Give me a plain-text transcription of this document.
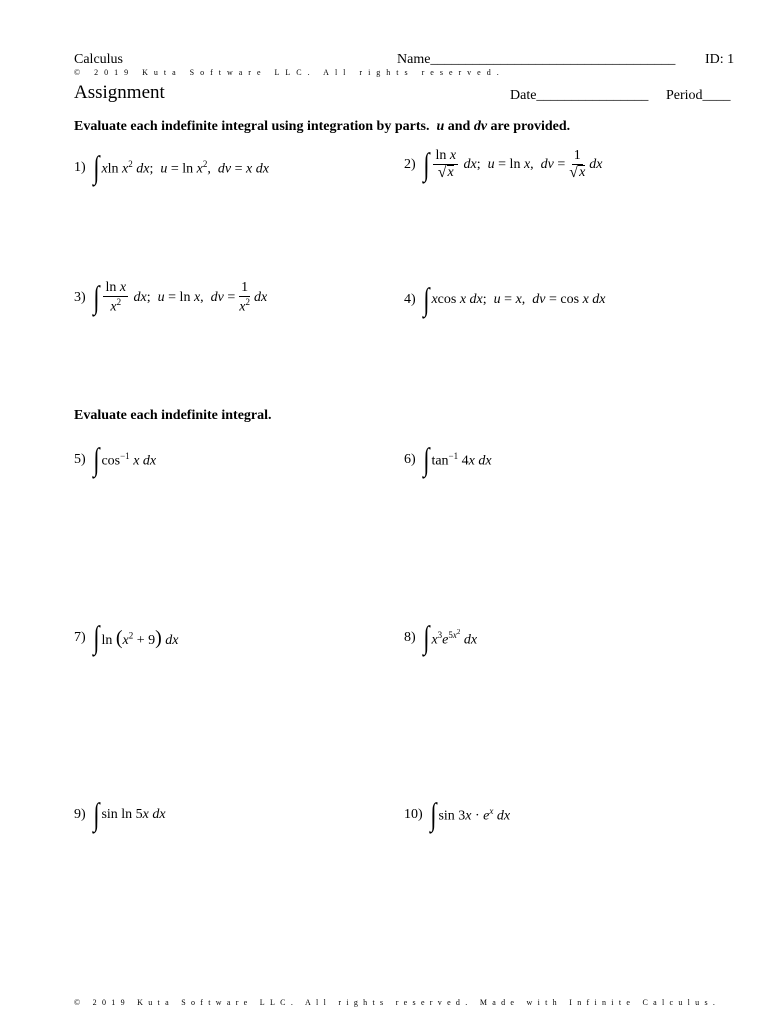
Calculus	Name___________________________________ ID: 1
© 2019 Kuta Software LLC. All rights reserved.
Assignment	Date________________ Period____
Evaluate each indefinite integral using integration by parts.  u and dv are provided.
1) ∫ xln $x^2$ dx;  $u = \ln x^2$,  dv = x dx	2) ∫ $\frac{\text{ln x}}{√ x}$ dx;  u = ln x,  dv = $\frac{1}{√ x}$ dx
3) ∫ $\frac{\text{ln x}}{x^2}$ dx;  u = ln x,  dv = $\frac{1}{x^2}$ dx	4) ∫ xcos x dx;  u = x,  dv = cos x dx
Evaluate each indefinite integral.
5) ∫ $\cos^{-1} x$ dx	6) ∫ $\tan^{-1} 4x$ dx
7) ∫ $\ln (x^2 + 9)$ dx	8) ∫ $x^3e^{5x^2}$ dx
9) ∫ sin ln 5x dx	10) ∫ $\sin 3x \cdot e^x$ dx
© 2019 Kuta Software LLC. All rights reserved. Made with Infinite Calculus.
